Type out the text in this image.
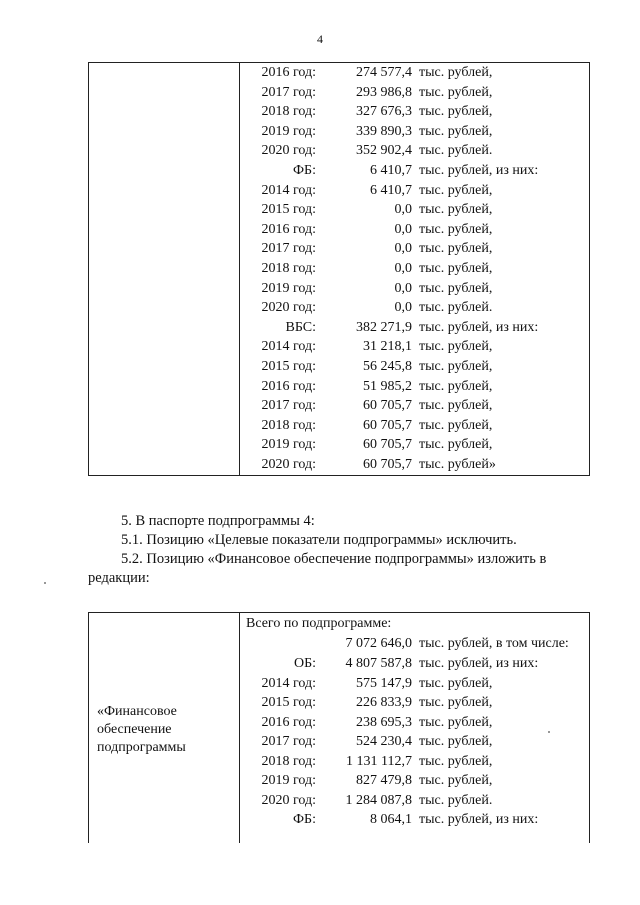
4
2016 год:	274 577,4 тыс. рублей,
2017 год:	293 986,8 тыс. рублей,
2018 год:	327 676,3 тыс. рублей,
2019 год:	339 890,3 тыс. рублей,
2020 год:	352 902,4 тыс. рублей.
ФБ:	6 410,7 тыс. рублей, из них:
2014 год:	6 410,7 тыс. рублей,
2015 год:	0,0 тыс. рублей,
2016 год:	0,0 тыс. рублей,
2017 год:	0,0 тыс. рублей,
2018 год:	0,0 тыс. рублей,
2019 год:	0,0 тыс. рублей,
2020 год:	0,0 тыс. рублей.
ВБС:	382 271,9 тыс. рублей, из них:
2014 год:	31 218,1 тыс. рублей,
2015 год:	56 245,8 тыс. рублей,
2016 год:	51 985,2 тыс. рублей,
2017 год:	60 705,7 тыс. рублей,
2018 год:	60 705,7 тыс. рублей,
2019 год:	60 705,7 тыс. рублей,
2020 год:	60 705,7 тыс. рублей»
5. В паспорте подпрограммы 4:
5.1. Позицию «Целевые показатели подпрограммы» исключить.
5.2. Позицию «Финансовое обеспечение подпрограммы» изложить в
редакции:
«Финансовое
обеспечение
подпрограммы
Всего по подпрограмме:
7 072 646,0 тыс. рублей, в том числе:
ОБ:	4 807 587,8 тыс. рублей, из них:
2014 год:	575 147,9 тыс. рублей,
2015 год:	226 833,9 тыс. рублей,
2016 год:	238 695,3 тыс. рублей,
2017 год:	524 230,4 тыс. рублей,
2018 год:	1 131 112,7 тыс. рублей,
2019 год:	827 479,8 тыс. рублей,
2020 год:	1 284 087,8 тыс. рублей.
ФБ:	8 064,1 тыс. рублей, из них:
